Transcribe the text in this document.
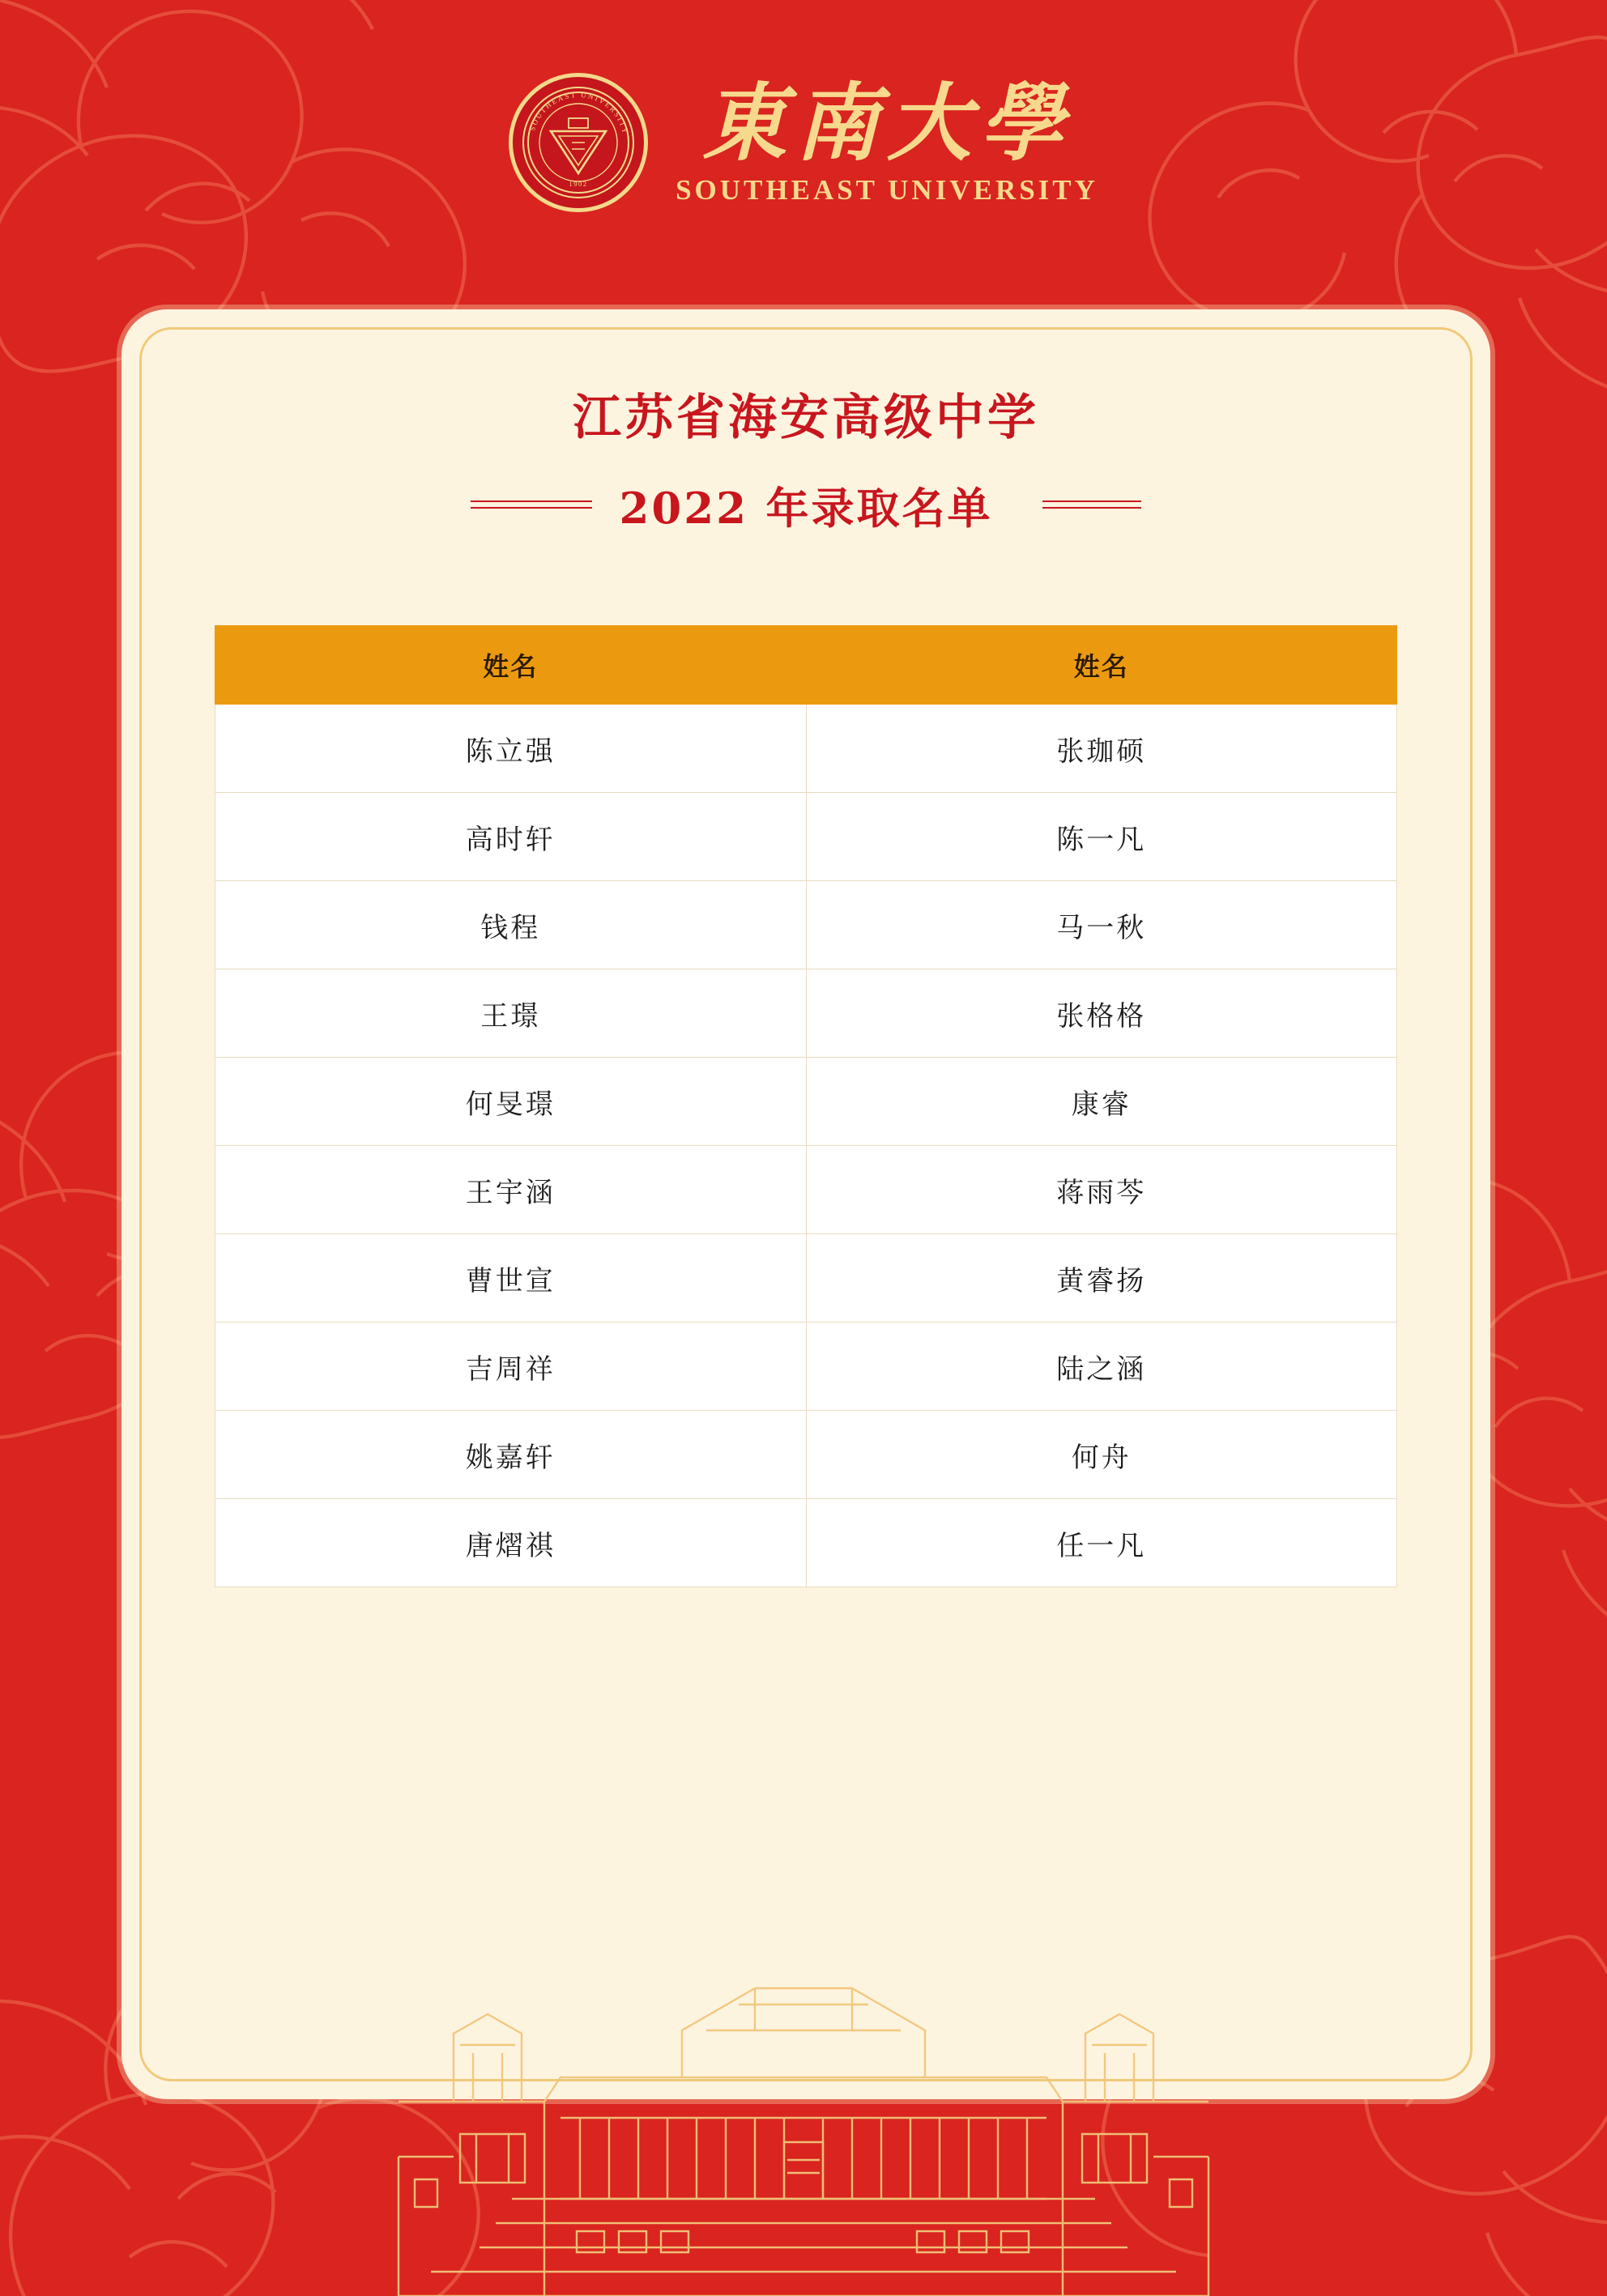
SOUTHEAST UNIVERSITY
1902
東南大學
SOUTHEAST UNIVERSITY
江苏省海安高级中学
2022 年录取名单
姓名	姓名
陈立强	张珈硕
高时轩	陈一凡
钱程	马一秋
王璟	张格格
何旻璟	康睿
王宇涵	蒋雨芩
曹世宣	黄睿扬
吉周祥	陆之涵
姚嘉轩	何舟
唐熠祺	任一凡
